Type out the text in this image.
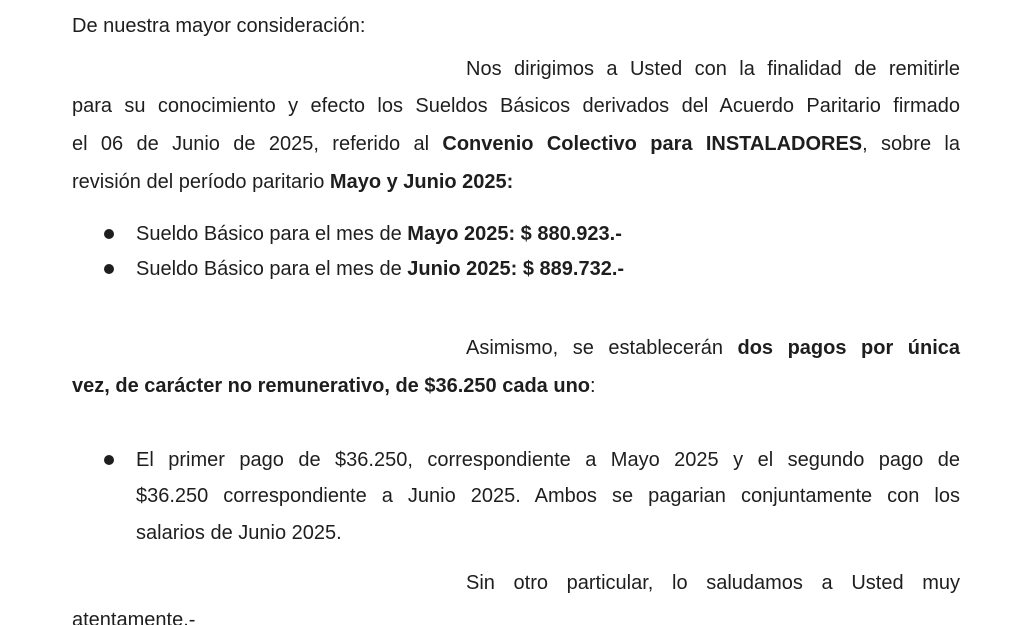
De nuestra mayor consideración:
Nos dirigimos a Usted con la finalidad de remitirle
para su conocimiento y efecto los Sueldos Básicos derivados del Acuerdo Paritario firmado
el 06 de Junio de 2025, referido al Convenio Colectivo para INSTALADORES, sobre la
revisión del período paritario Mayo y Junio 2025:
Sueldo Básico para el mes de Mayo 2025: $ 880.923.-
Sueldo Básico para el mes de Junio 2025: $ 889.732.-
Asimismo, se establecerán dos pagos por única
vez, de carácter no remunerativo, de $36.250 cada uno:
El primer pago de $36.250, correspondiente a Mayo 2025 y el segundo pago de
$36.250 correspondiente a Junio 2025. Ambos se pagarian conjuntamente con los
salarios de Junio 2025.
Sin otro particular, lo saludamos a Usted muy
atentamente.-
